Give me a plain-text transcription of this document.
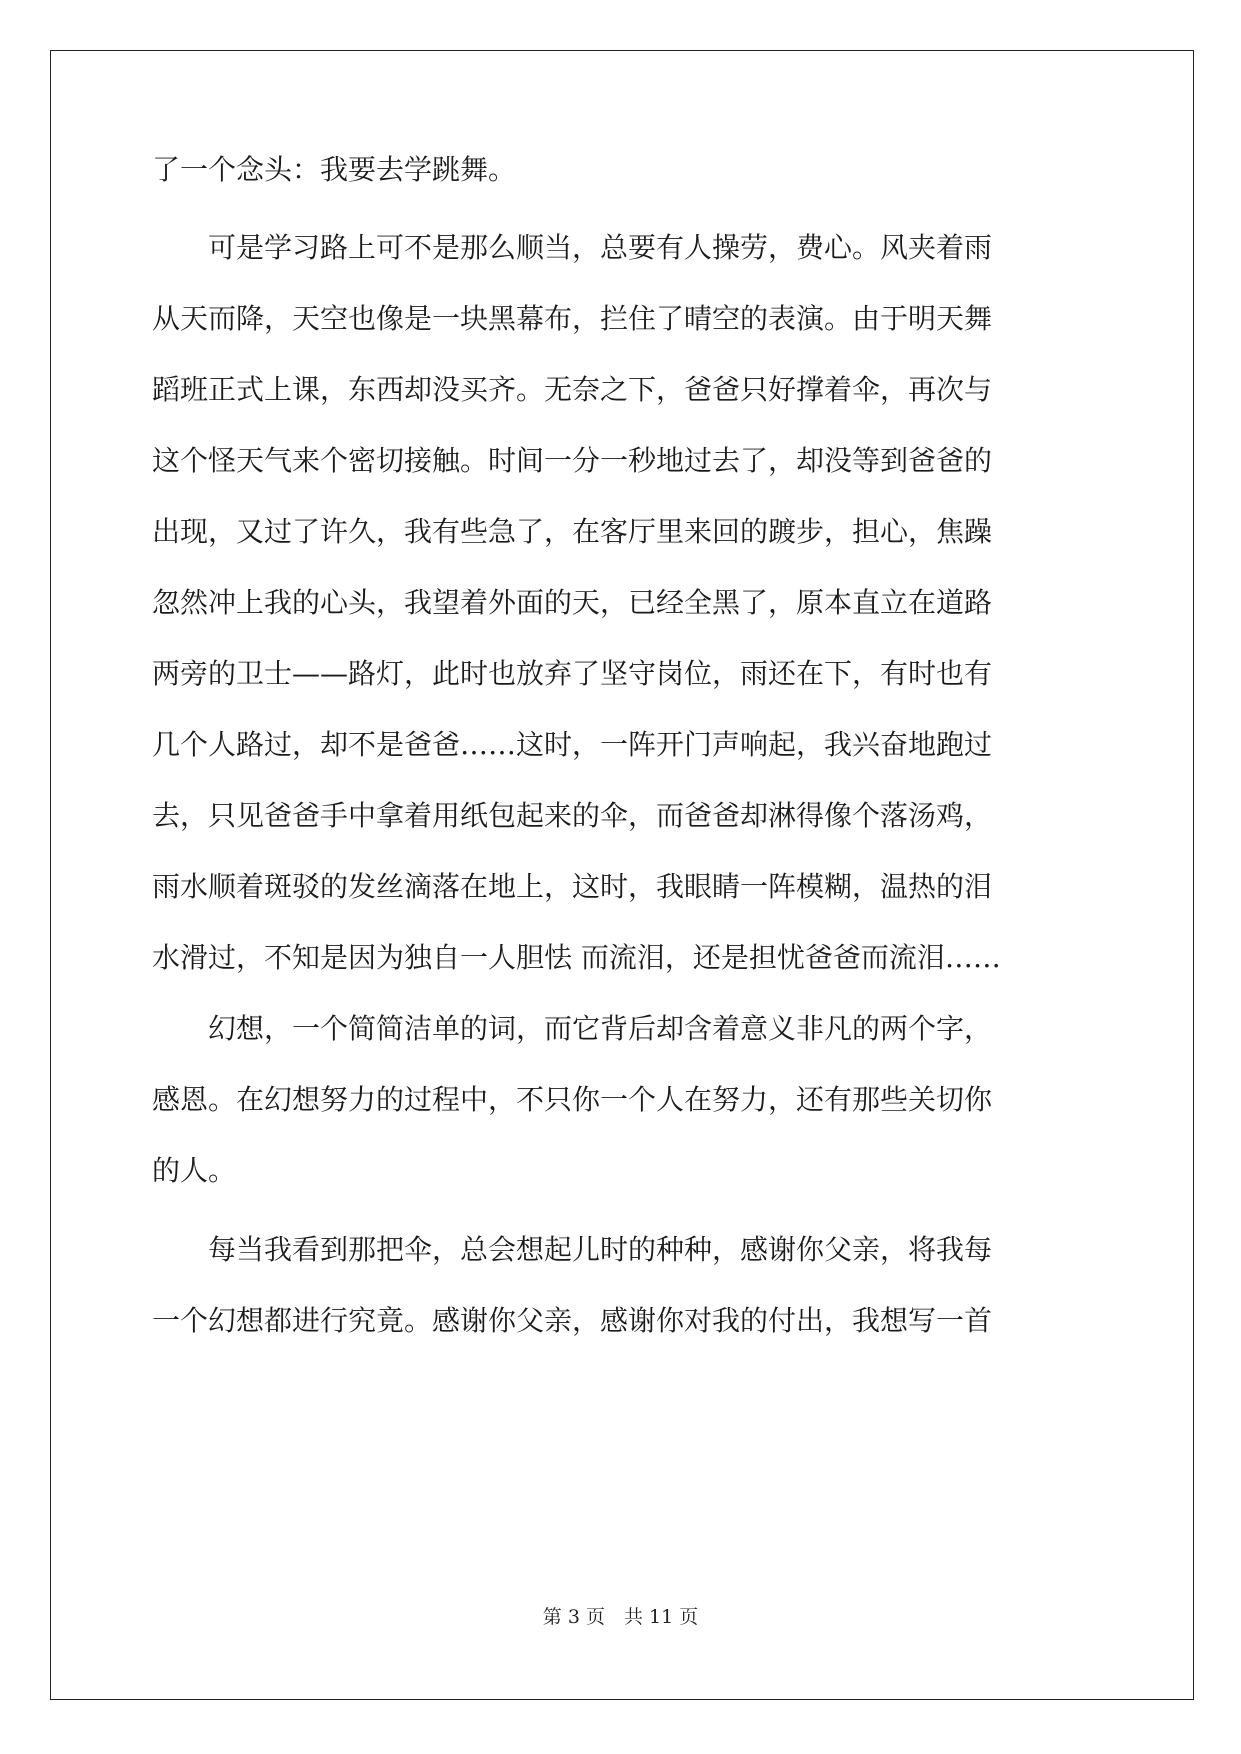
了一个念头：我要去学跳舞。
　　可是学习路上可不是那么顺当，总要有人操劳，费心。风夹着雨
从天而降，天空也像是一块黑幕布，拦住了晴空的表演。由于明天舞
蹈班正式上课，东西却没买齐。无奈之下，爸爸只好撑着伞，再次与
这个怪天气来个密切接触。时间一分一秒地过去了，却没等到爸爸的
出现，又过了许久，我有些急了，在客厅里来回的踱步，担心，焦躁
忽然冲上我的心头，我望着外面的天，已经全黑了，原本直立在道路
两旁的卫士——路灯，此时也放弃了坚守岗位，雨还在下，有时也有
几个人路过，却不是爸爸……这时，一阵开门声响起，我兴奋地跑过
去，只见爸爸手中拿着用纸包起来的伞，而爸爸却淋得像个落汤鸡，
雨水顺着斑驳的发丝滴落在地上，这时，我眼睛一阵模糊，温热的泪
水滑过，不知是因为独自一人胆怯 而流泪，还是担忧爸爸而流泪……
　　幻想，一个简简洁单的词，而它背后却含着意义非凡的两个字，
感恩。在幻想努力的过程中，不只你一个人在努力，还有那些关切你
的人。
　　每当我看到那把伞，总会想起儿时的种种，感谢你父亲，将我每
一个幻想都进行究竟。感谢你父亲，感谢你对我的付出，我想写一首
第 3 页　共 11 页
